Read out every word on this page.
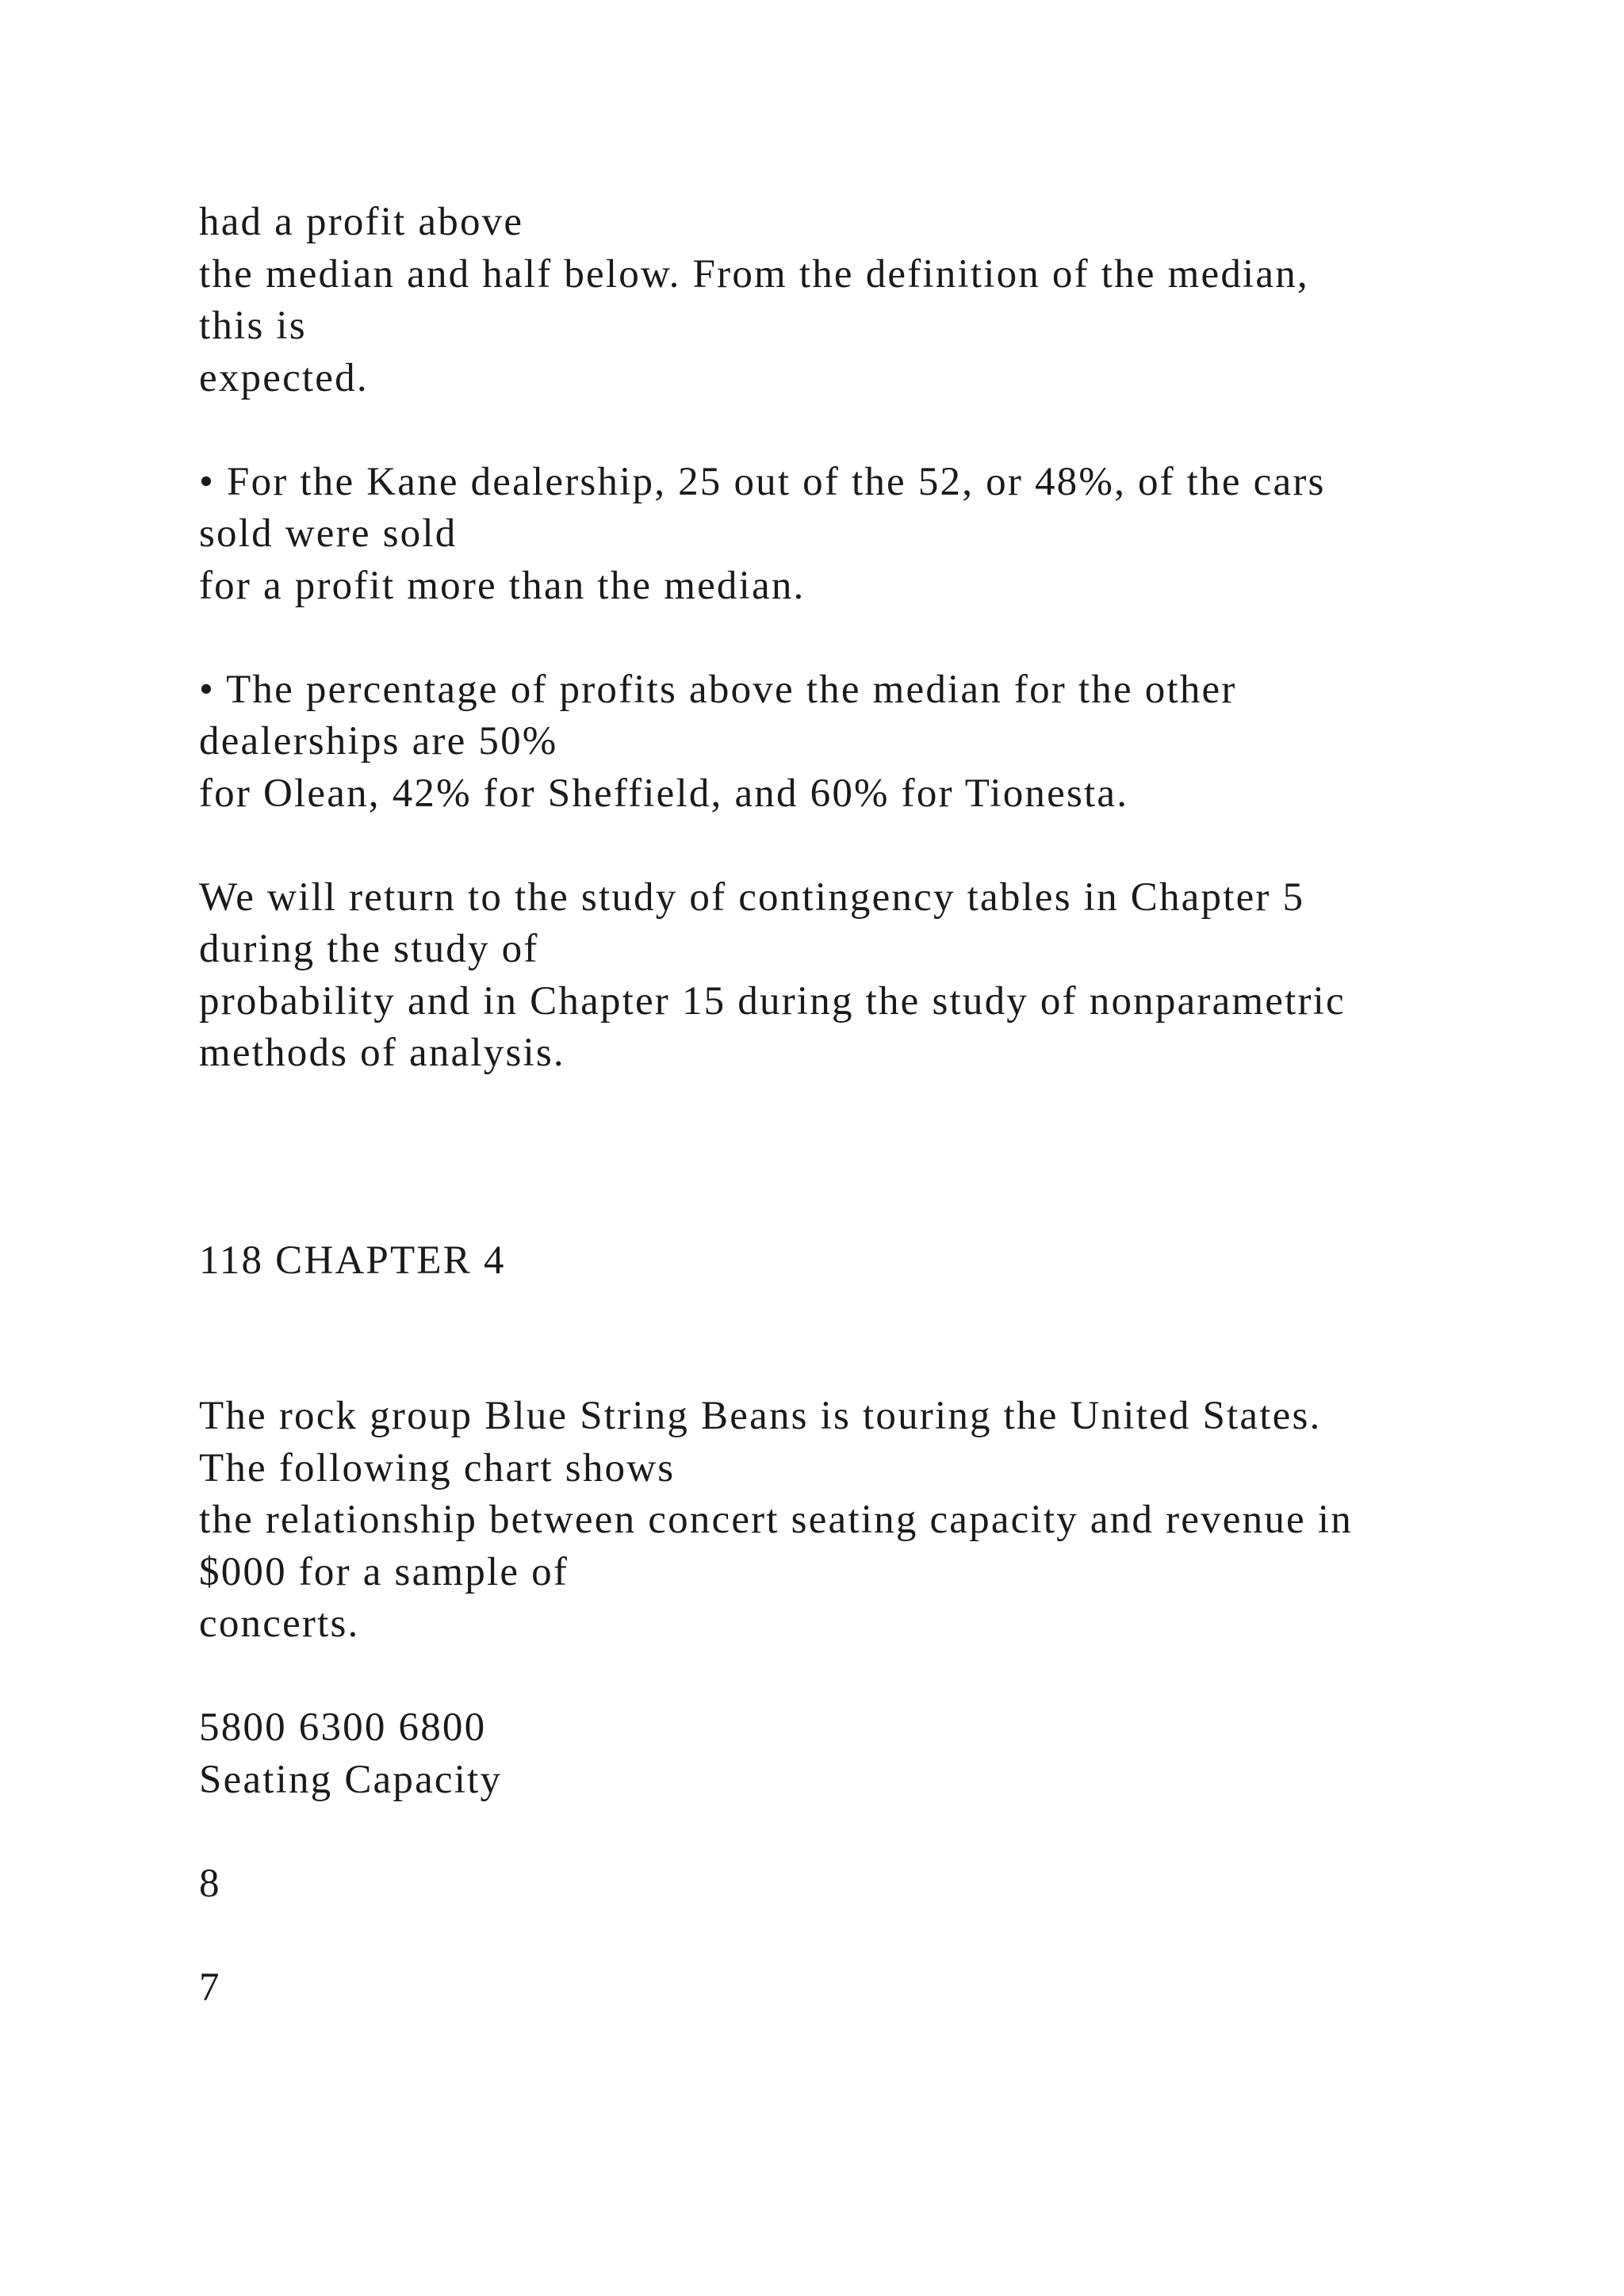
had a profit above
the median and half below. From the definition of the median,
this is
expected.
• For the Kane dealership, 25 out of the 52, or 48%, of the cars
sold were sold
for a profit more than the median.
• The percentage of profits above the median for the other
dealerships are 50%
for Olean, 42% for Sheffield, and 60% for Tionesta.
We will return to the study of contingency tables in Chapter 5
during the study of
probability and in Chapter 15 during the study of nonparametric
methods of analysis.
118 CHAPTER 4
The rock group Blue String Beans is touring the United States.
The following chart shows
the relationship between concert seating capacity and revenue in
$000 for a sample of
concerts.
5800 6300 6800
Seating Capacity
8
7
